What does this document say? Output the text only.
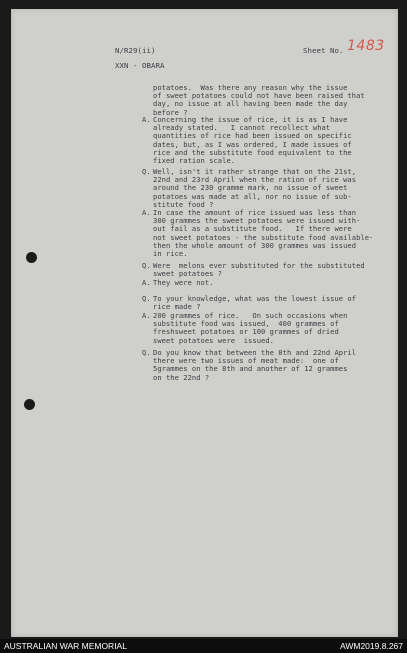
N/R29(ii)	Sheet No. 1483
XXN - OBARA
potatoes.  Was there any reason why the issue
of sweet potatoes could not have been raised that
day, no issue at all having been made the day
before ?
A. Concerning the issue of rice, it is as I have
already stated.   I cannot recollect what
quantities of rice had been issued on specific
dates, but, as I was ordered, I made issues of
rice and the substitute food equivalent to the
fixed ration scale.
Q. Well, isn't it rather strange that on the 21st,
22nd and 23rd April when the ration of rice was
around the 230 gramme mark, no issue of sweet
potatoes was made at all, nor no issue of sub-
stitute food ?
A. In case the amount of rice issued was less than
300 grammes the sweet potatoes were issued with-
out fail as a substitute food.   If there were
not sweet potatoes - the substitute food available-
then the whole amount of 300 grammes was issued
in rice.
Q. Were  melons ever substituted for the substituted
sweet potatoes ?
A. They were not.
Q. To your knowledge, what was the lowest issue of
rice made ?
A. 200 grammes of rice.   On such occasions when
substitute food was issued,  400 grammes of
freshsweet potatoes or 100 grammes of dried
sweet potatoes were  issued.
Q. Do you know that between the 8th and 22nd April
there were two issues of meat made:  one of
5grammes on the 8th and another of 12 grammes
on the 22nd ?
AUSTRALIAN WAR MEMORIAL	AWM2019.8.267
